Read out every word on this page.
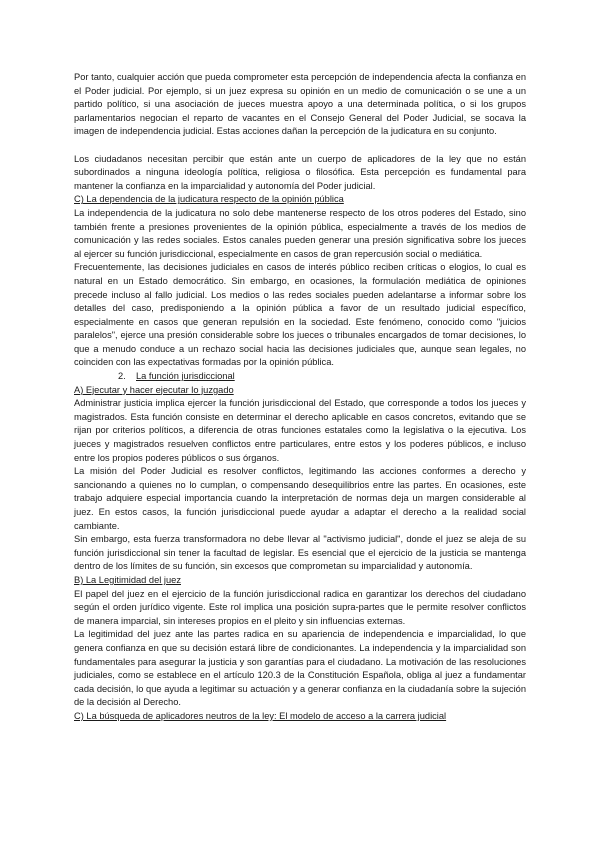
Por tanto, cualquier acción que pueda comprometer esta percepción de independencia afecta la confianza en el Poder judicial. Por ejemplo, si un juez expresa su opinión en un medio de comunicación o se une a un partido político, si una asociación de jueces muestra apoyo a una determinada política, o si los grupos parlamentarios negocian el reparto de vacantes en el Consejo General del Poder Judicial, se socava la imagen de independencia judicial. Estas acciones dañan la percepción de la judicatura en su conjunto.

Los ciudadanos necesitan percibir que están ante un cuerpo de aplicadores de la ley que no están subordinados a ninguna ideología política, religiosa o filosófica. Esta percepción es fundamental para mantener la confianza en la imparcialidad y autonomía del Poder judicial.

C) La dependencia de la judicatura respecto de la opinión pública

La independencia de la judicatura no solo debe mantenerse respecto de los otros poderes del Estado, sino también frente a presiones provenientes de la opinión pública, especialmente a través de los medios de comunicación y las redes sociales. Estos canales pueden generar una presión significativa sobre los jueces al ejercer su función jurisdiccional, especialmente en casos de gran repercusión social o mediática.

Frecuentemente, las decisiones judiciales en casos de interés público reciben críticas o elogios, lo cual es natural en un Estado democrático. Sin embargo, en ocasiones, la formulación mediática de opiniones precede incluso al fallo judicial. Los medios o las redes sociales pueden adelantarse a informar sobre los detalles del caso, predisponiendo a la opinión pública a favor de un resultado judicial específico, especialmente en casos que generan repulsión en la sociedad. Este fenómeno, conocido como "juicios paralelos", ejerce una presión considerable sobre los jueces o tribunales encargados de tomar decisiones, lo que a menudo conduce a un rechazo social hacia las decisiones judiciales que, aunque sean legales, no coinciden con las expectativas formadas por la opinión pública.

2. La función jurisdiccional

A) Ejecutar y hacer ejecutar lo juzgado

Administrar justicia implica ejercer la función jurisdiccional del Estado, que corresponde a todos los jueces y magistrados. Esta función consiste en determinar el derecho aplicable en casos concretos, evitando que se rijan por criterios políticos, a diferencia de otras funciones estatales como la legislativa o la ejecutiva. Los jueces y magistrados resuelven conflictos entre particulares, entre estos y los poderes públicos, e incluso entre los propios poderes públicos o sus órganos.

La misión del Poder Judicial es resolver conflictos, legitimando las acciones conformes a derecho y sancionando a quienes no lo cumplan, o compensando desequilibrios entre las partes. En ocasiones, este trabajo adquiere especial importancia cuando la interpretación de normas deja un margen considerable al juez. En estos casos, la función jurisdiccional puede ayudar a adaptar el derecho a la realidad social cambiante.

Sin embargo, esta fuerza transformadora no debe llevar al "activismo judicial", donde el juez se aleja de su función jurisdiccional sin tener la facultad de legislar. Es esencial que el ejercicio de la justicia se mantenga dentro de los límites de su función, sin excesos que comprometan su imparcialidad y autonomía.

B) La Legitimidad del juez

El papel del juez en el ejercicio de la función jurisdiccional radica en garantizar los derechos del ciudadano según el orden jurídico vigente. Este rol implica una posición supra-partes que le permite resolver conflictos de manera imparcial, sin intereses propios en el pleito y sin influencias externas.

La legitimidad del juez ante las partes radica en su apariencia de independencia e imparcialidad, lo que genera confianza en que su decisión estará libre de condicionantes. La independencia y la imparcialidad son fundamentales para asegurar la justicia y son garantías para el ciudadano. La motivación de las resoluciones judiciales, como se establece en el artículo 120.3 de la Constitución Española, obliga al juez a fundamentar cada decisión, lo que ayuda a legitimar su actuación y a generar confianza en la ciudadanía sobre la sujeción de la decisión al Derecho.

C) La búsqueda de aplicadores neutros de la ley: El modelo de acceso a la carrera judicial
